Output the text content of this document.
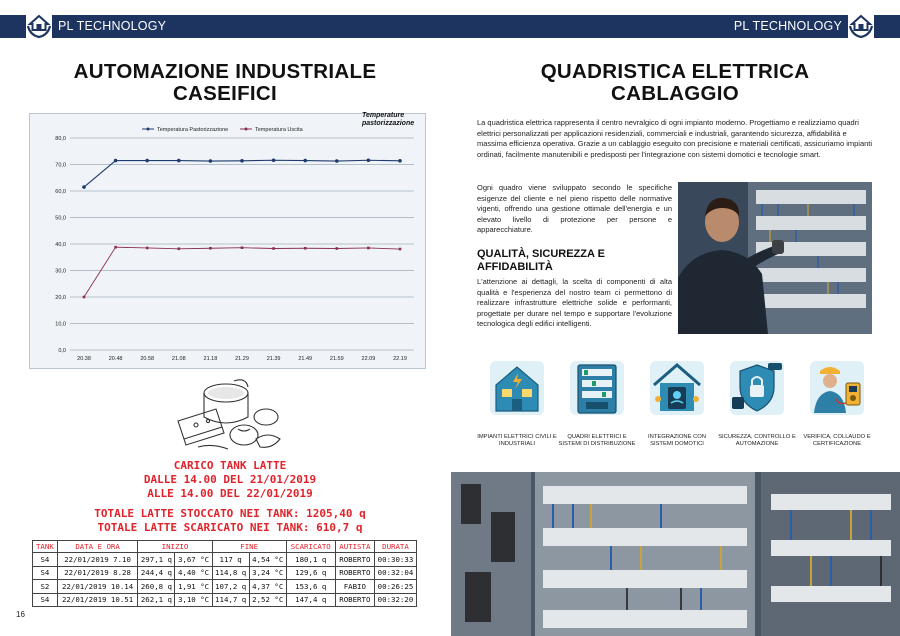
PL TECHNOLOGY	PL TECHNOLOGY
AUTOMAZIONE INDUSTRIALE
CASEIFICI
0,0
10,0
20,0
30,0
40,0
50,0
60,0
70,0
80,0
20.38	20.48	20.58	21.08	21.18	21.29	21.39	21.49	21.59	22.09	22.19
Temperatura Pastorizzazione	Temperatura Uscita
Temperature pastorizzazione
CARICO TANK LATTE
DALLE 14.00 DEL 21/01/2019
ALLE 14.00 DEL 22/01/2019
TOTALE LATTE STOCCATO NEI TANK: 1205,40 q
TOTALE LATTE SCARICATO NEI TANK: 610,7 q
TANK	DATA E ORA	INIZIO		FINE		SCARICATO	AUTISTA	DURATA
S4	22/01/2019 7.10	297,1 q	3,67 °C	117 q	4,54 °C	180,1 q	ROBERTO	00:30:33
S4	22/01/2019 8.28	244,4 q	4,40 °C	114,8 q	3,24 °C	129,6 q	ROBERTO	00:32:04
S2	22/01/2019 10.14	260,8 q	1,91 °C	107,2 q	4,37 °C	153,6 q	FABIO	00:26:25
S4	22/01/2019 10.51	262,1 q	3,10 °C	114,7 q	2,52 °C	147,4 q	ROBERTO	00:32:20
16
QUADRISTICA ELETTRICA
CABLAGGIO
La quadristica elettrica rappresenta il centro nevralgico di ogni impianto moderno. Progettiamo e realizziamo quadri elettrici personalizzati per applicazioni residenziali, commerciali e industriali, garantendo sicurezza, affidabilità e massima efficienza operativa. Grazie a un cablaggio eseguito con precisione e materiali certificati, assicuriamo impianti ordinati, facilmente manutenibili e predisposti per l'integrazione con sistemi domotici e tecnologie smart.
Ogni quadro viene sviluppato secondo le specifiche esigenze del cliente e nel pieno rispetto delle normative vigenti, offrendo una gestione ottimale dell'energia e un elevato livello di protezione per persone e apparecchiature.
QUALITÀ, SICUREZZA E AFFIDABILITÀ
L'attenzione ai dettagli, la scelta di componenti di alta qualità e l'esperienza del nostro team ci permettono di realizzare infrastrutture elettriche solide e performanti, progettate per durare nel tempo e supportare l'evoluzione tecnologica degli edifici intelligenti.
IMPIANTI ELETTRICI CIVILI E INDUSTRIALI
QUADRI ELETTRICI E SISTEMI DI DISTRIBUZIONE
INTEGRAZIONE CON SISTEMI DOMOTICI
SICUREZZA, CONTROLLO E AUTOMAZIONE
VERIFICA, COLLAUDO E CERTIFICAZIONE
